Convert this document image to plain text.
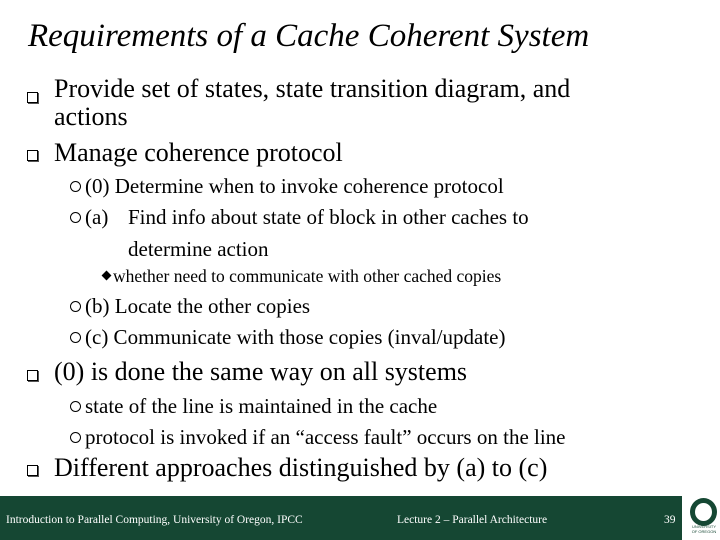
Requirements of a Cache Coherent System
Provide set of states, state transition diagram, and
actions
Manage coherence protocol
(0) Determine when to invoke coherence protocol
(a) Find info about state of block in other caches to
determine action
whether need to communicate with other cached copies
(b) Locate the other copies
(c) Communicate with those copies (inval/update)
(0) is done the same way on all systems
state of the line is maintained in the cache
protocol is invoked if an “access fault” occurs on the line
Different approaches distinguished by (a) to (c)
Introduction to Parallel Computing, University of Oregon, IPCC	Lecture 2 – Parallel Architecture	39
UNIVERSITY OF OREGON
